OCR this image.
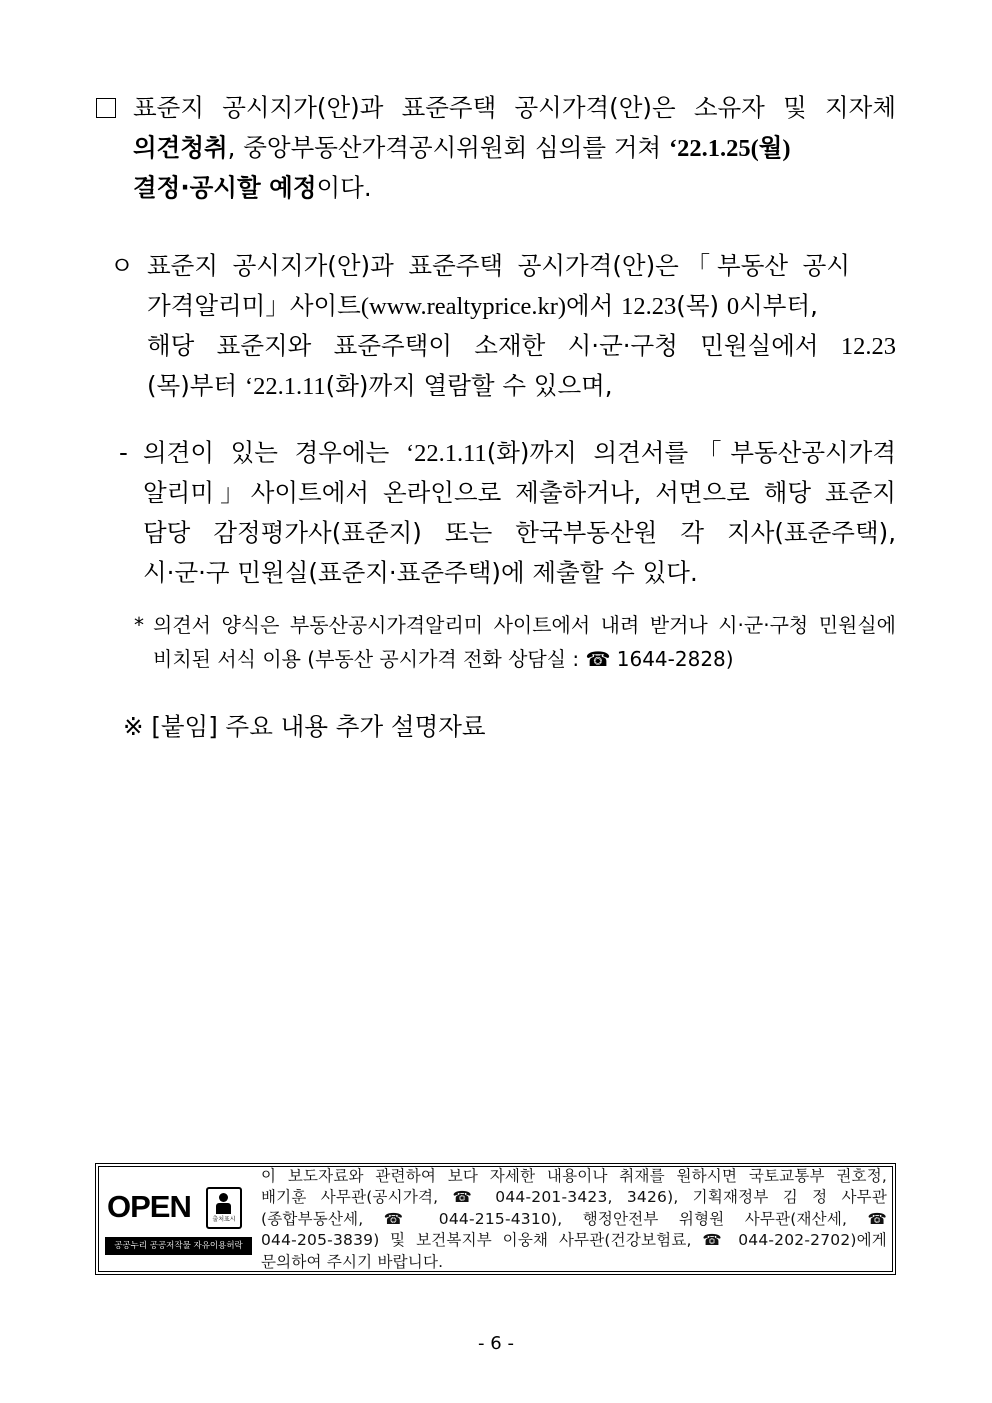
표준지 공시지가(안)과 표준주택 공시가격(안)은 소유자 및 지자체
의견청취, 중앙부동산가격공시위원회 심의를 거쳐 ‘22.1.25(월)
결정·공시할 예정이다.
ㅇ 표준지 공시지가(안)과 표준주택 공시가격(안)은「부동산 공시
가격알리미」사이트(www.realtyprice.kr)에서 12.23(목) 0시부터,
해당 표준지와 표준주택이 소재한 시·군·구청 민원실에서 12.23
(목)부터 ‘22.1.11(화)까지 열람할 수 있으며,
- 의견이 있는 경우에는 ‘22.1.11(화)까지 의견서를「부동산공시가격
알리미」사이트에서 온라인으로 제출하거나, 서면으로 해당 표준지
담당 감정평가사(표준지) 또는 한국부동산원 각 지사(표준주택),
시·군·구 민원실(표준지·표준주택)에 제출할 수 있다.
* 의견서 양식은 부동산공시가격알리미 사이트에서 내려 받거나 시·군·구청 민원실에
비치된 서식 이용 (부동산 공시가격 전화 상담실 : ☎ 1644-2828)
※ [붙임] 주요 내용 추가 설명자료
OPEN	출처표시
공공누리 공공저작물 자유이용허락
이 보도자료와 관련하여 보다 자세한 내용이나 취재를 원하시면 국토교통부 권호정,
배기훈 사무관(공시가격, ☎ 044-201-3423, 3426), 기획재정부 김 정 사무관
(종합부동산세, ☎ 044-215-4310), 행정안전부 위형원 사무관(재산세, ☎
044-205-3839) 및 보건복지부 이웅채 사무관(건강보험료, ☎ 044-202-2702)에게
문의하여 주시기 바랍니다.
- 6 -
